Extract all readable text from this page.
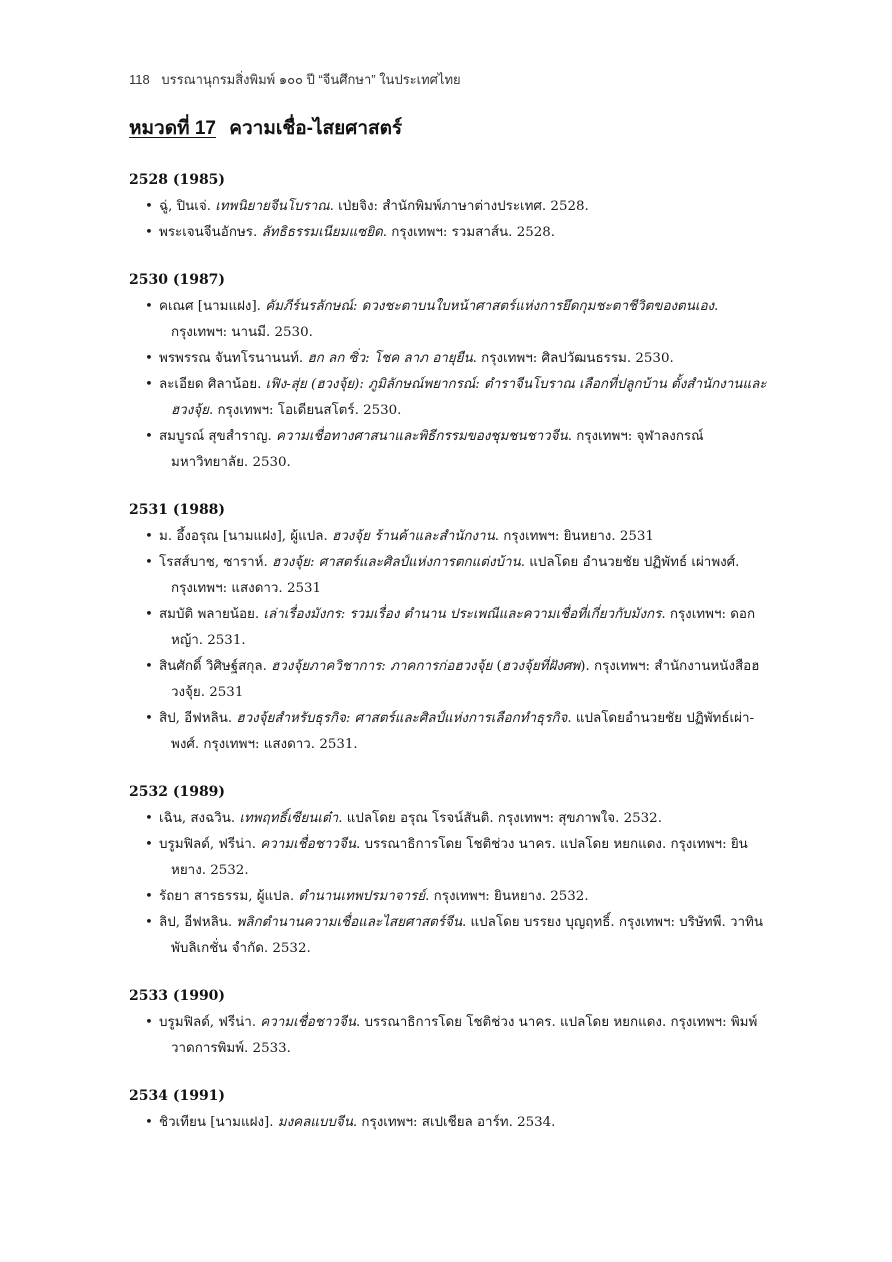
118 บรรณานุกรมสิ่งพิมพ์ ๑๐๐ ปี “จีนศึกษา” ในประเทศไทย
หมวดที่ 17 ความเชื่อ-ไสยศาสตร์
2528 (1985)
• ฉู่, ปินเจ่. เทพนิยายจีนโบราณ. เป่ยจิง: สำนักพิมพ์ภาษาต่างประเทศ. 2528.
• พระเจนจีนอักษร. ลัทธิธรรมเนียมแซยิด. กรุงเทพฯ: รวมสาส์น. 2528.
2530 (1987)
• คเณศ [นามแฝง]. คัมภีร์นรลักษณ์: ดวงชะตาบนใบหน้าศาสตร์แห่งการยึดกุมชะตาชีวิตของตนเอง. กรุงเทพฯ: นานมี. 2530.
• พรพรรณ จันทโรนานนท์. ฮก ลก ซิ่ว: โชค ลาภ อายุยืน. กรุงเทพฯ: ศิลปวัฒนธรรม. 2530.
• ละเอียด ศิลาน้อย. เฟิง-สุ่ย (ฮวงจุ้ย): ภูมิลักษณ์พยากรณ์: ตำราจีนโบราณ เลือกที่ปลูกบ้าน ตั้งสำนักงานและฮวงจุ้ย. กรุงเทพฯ: โอเดียนสโตร์. 2530.
• สมบูรณ์ สุขสำราญ. ความเชื่อทางศาสนาและพิธีกรรมของชุมชนชาวจีน. กรุงเทพฯ: จุฬาลงกรณ์มหาวิทยาลัย. 2530.
2531 (1988)
• ม. อึ้งอรุณ [นามแฝง], ผู้แปล. ฮวงจุ้ย ร้านค้าและสำนักงาน. กรุงเทพฯ: ยินหยาง. 2531
• โรสส์บาช, ซาราห์. ฮวงจุ้ย: ศาสตร์และศิลป์แห่งการตกแต่งบ้าน. แปลโดย อำนวยชัย ปฏิพัทธ์ เผ่าพงศ์. กรุงเทพฯ: แสงดาว. 2531
• สมบัติ พลายน้อย. เล่าเรื่องมังกร: รวมเรื่อง ตำนาน ประเพณีและความเชื่อที่เกี่ยวกับมังกร. กรุงเทพฯ: ดอกหญ้า. 2531.
• สินศักดิ์ วิศิษฐ์สกุล. ฮวงจุ้ยภาควิชาการ: ภาคการก่อฮวงจุ้ย (ฮวงจุ้ยที่ฝังศพ). กรุงเทพฯ: สำนักงานหนังสือฮวงจุ้ย. 2531
• สิป, อีฟหลิน. ฮวงจุ้ยสำหรับธุรกิจ: ศาสตร์และศิลป์แห่งการเลือกทำธุรกิจ. แปลโดยอำนวยชัย ปฏิพัทธ์เผ่า-พงศ์. กรุงเทพฯ: แสงดาว. 2531.
2532 (1989)
• เฉิน, สงฉวิน. เทพฤทธิ์เซียนเต๋า. แปลโดย อรุณ โรจน์สันติ. กรุงเทพฯ: สุขภาพใจ. 2532.
• บรูมฟิลด์, ฟรีน่า. ความเชื่อชาวจีน. บรรณาธิการโดย โชติช่วง นาคร. แปลโดย หยกแดง. กรุงเทพฯ: ยินหยาง. 2532.
• รัถยา สารธรรม, ผู้แปล. ตำนานเทพปรมาจารย์. กรุงเทพฯ: ยินหยาง. 2532.
• ลิป, อีฟหลิน. พลิกตำนานความเชื่อและไสยศาสตร์จีน. แปลโดย บรรยง บุญฤทธิ์. กรุงเทพฯ: บริษัทพี. วาทิน พับลิเกชั่น จำกัด. 2532.
2533 (1990)
• บรูมฟิลด์, ฟรีน่า. ความเชื่อชาวจีน. บรรณาธิการโดย โชติช่วง นาคร. แปลโดย หยกแดง. กรุงเทพฯ: พิมพ์วาดการพิมพ์. 2533.
2534 (1991)
• ชิวเทียน [นามแฝง]. มงคลแบบจีน. กรุงเทพฯ: สเปเชียล อาร์ท. 2534.
